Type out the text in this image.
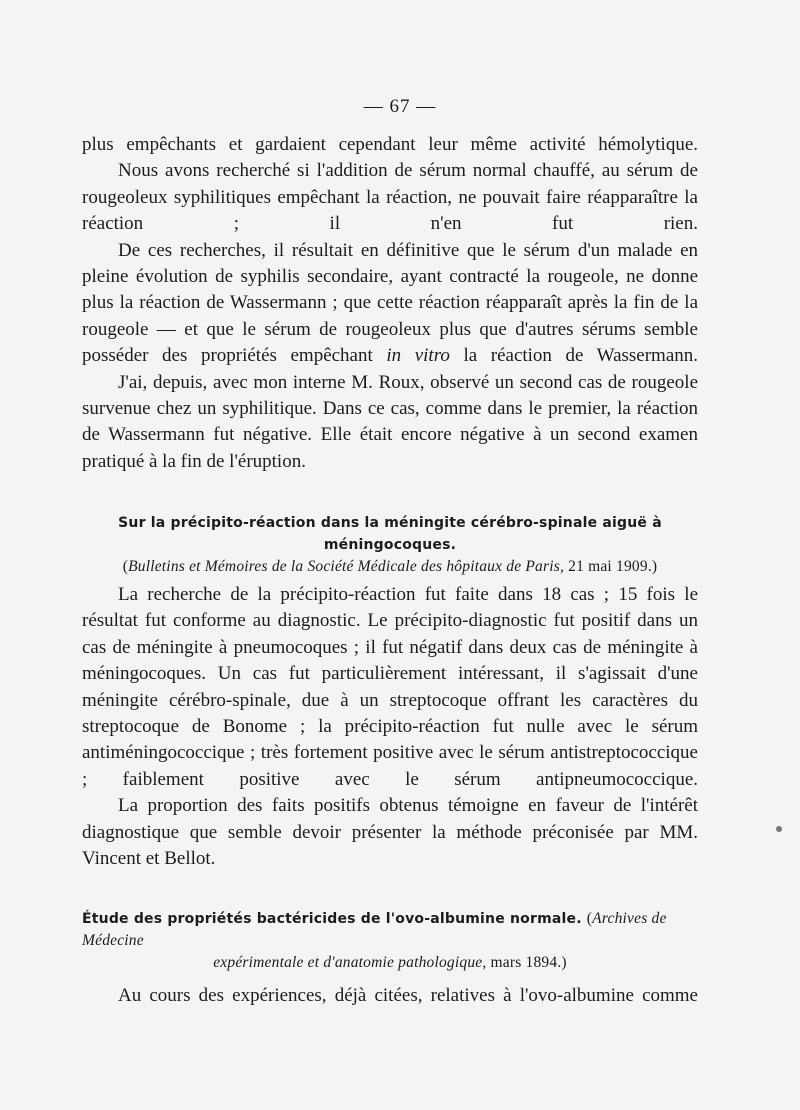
— 67 —

plus empêchants et gardaient cependant leur même activité hémolytique.

Nous avons recherché si l'addition de sérum normal chauffé, au sérum de rougeoleux syphilitiques empêchant la réaction, ne pouvait faire réapparaître la réaction ; il n'en fut rien.

De ces recherches, il résultait en définitive que le sérum d'un malade en pleine évolution de syphilis secondaire, ayant contracté la rougeole, ne donne plus la réaction de Wassermann ; que cette réaction réapparaît après la fin de la rougeole — et que le sérum de rougeoleux plus que d'autres sérums semble posséder des propriétés empêchant in vitro la réaction de Wassermann.

J'ai, depuis, avec mon interne M. Roux, observé un second cas de rougeole survenue chez un syphilitique. Dans ce cas, comme dans le premier, la réaction de Wassermann fut négative. Elle était encore négative à un second examen pratiqué à la fin de l'éruption.

Sur la précipito-réaction dans la méningite cérébro-spinale aiguë à méningocoques.
(Bulletins et Mémoires de la Société Médicale des hôpitaux de Paris, 21 mai 1909.)

La recherche de la précipito-réaction fut faite dans 18 cas ; 15 fois le résultat fut conforme au diagnostic. Le précipito-diagnostic fut positif dans un cas de méningite à pneumocoques ; il fut négatif dans deux cas de méningite à méningocoques. Un cas fut particulièrement intéressant, il s'agissait d'une méningite cérébro-spinale, due à un streptocoque offrant les caractères du streptocoque de Bonome ; la précipito-réaction fut nulle avec le sérum antiméningococcique ; très fortement positive avec le sérum antistreptococcique ; faiblement positive avec le sérum antipneumococcique.

La proportion des faits positifs obtenus témoigne en faveur de l'intérêt diagnostique que semble devoir présenter la méthode préconisée par MM. Vincent et Bellot.

Étude des propriétés bactéricides de l'ovo-albumine normale. (Archives de Médecine
expérimentale et d'anatomie pathologique, mars 1894.)

Au cours des expériences, déjà citées, relatives à l'ovo-albumine comme
